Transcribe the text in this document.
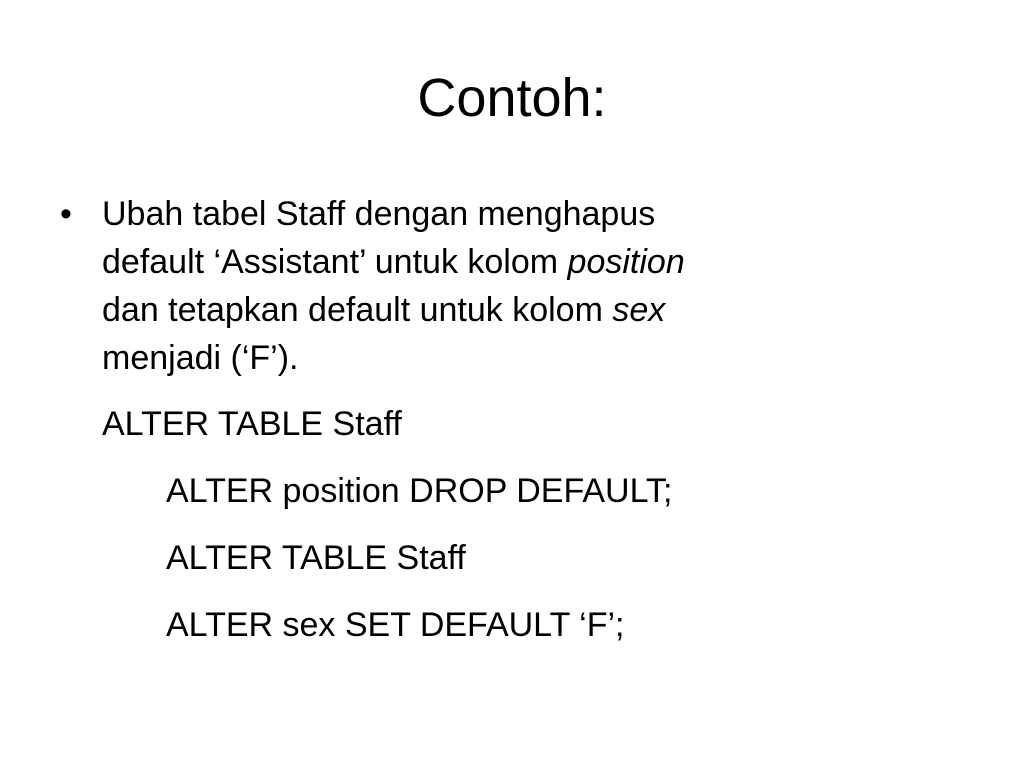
Contoh:
• Ubah tabel Staff dengan menghapus
default ‘Assistant’ untuk kolom position
dan tetapkan default untuk kolom sex
menjadi (‘F’).
ALTER TABLE Staff
ALTER position DROP DEFAULT;
ALTER TABLE Staff
ALTER sex SET DEFAULT ‘F’;
